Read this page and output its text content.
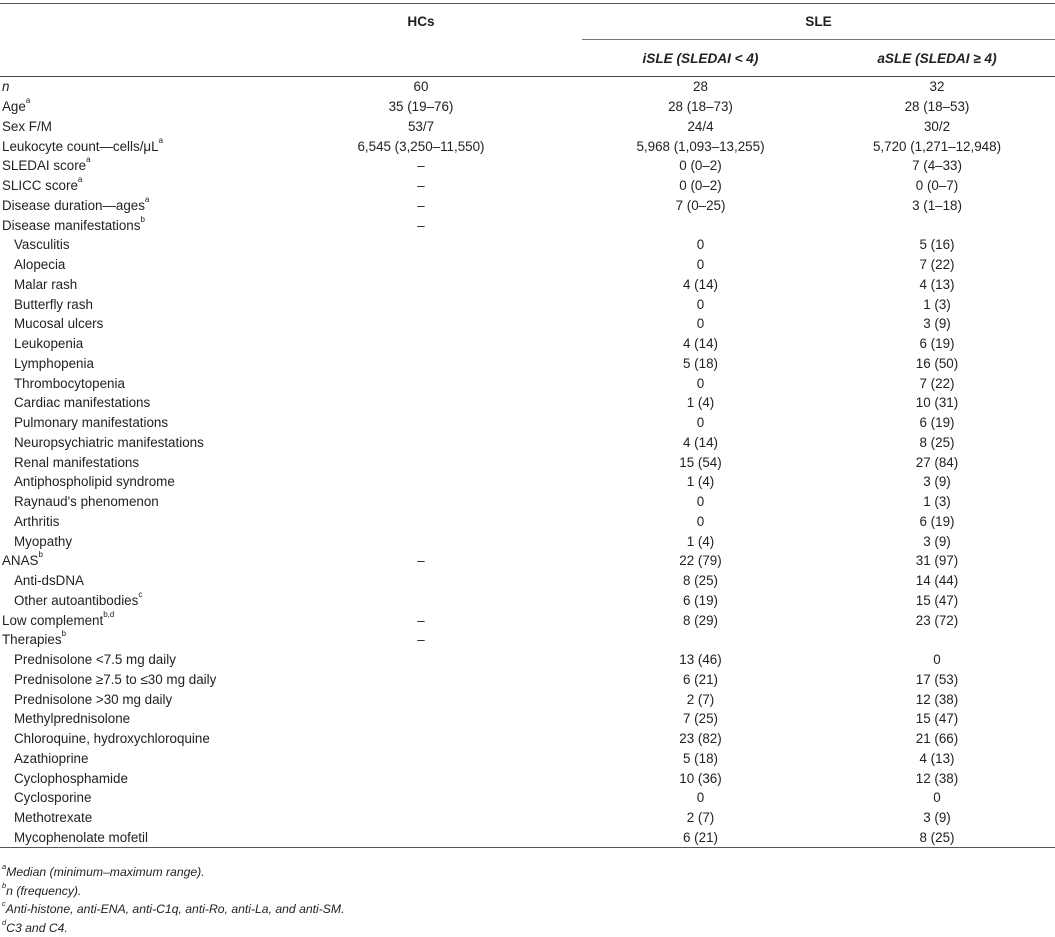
	HCs	SLE	
		iSLE (SLEDAI < 4)	aSLE (SLEDAI ≥ 4)
n	60	28	32
Age$^a$	35 (19–76)	28 (18–73)	28 (18–53)
Sex F/M	53/7	24/4	30/2
Leukocyte $count—cells/\mu L^a$	6,545 (3,250–11,550)	5,968 (1,093–13,255)	5,720 (1,271–12,948)
SLEDAI score$^a$	–	0 (0–2)	7 (4–33)
SLICC score$^a$	–	0 (0–2)	0 (0–7)
Disease duration—ages$^a$	–	7 (0–25)	3 (1–18)
Disease manifestations$^b$	–		
Vasculitis		0	5 (16)
Alopecia		0	7 (22)
Malar rash		4 (14)	4 (13)
Butterfly rash		0	1 (3)
Mucosal ulcers		0	3 (9)
Leukopenia		4 (14)	6 (19)
Lymphopenia		5 (18)	16 (50)
Thrombocytopenia		0	7 (22)
Cardiac manifestations		1 (4)	10 (31)
Pulmonary manifestations		0	6 (19)
Neuropsychiatric manifestations		4 (14)	8 (25)
Renal manifestations		15 (54)	27 (84)
Antiphospholipid syndrome		1 (4)	3 (9)
Raynaud's phenomenon		0	1 (3)
Arthritis		0	6 (19)
Myopathy		1 (4)	3 (9)
ANAS$^b$	–	22 (79)	31 (97)
Anti-dsDNA		8 (25)	14 (44)
Other autoantibodies$^c$		6 (19)	15 (47)
Low complement$^{b,d}$	–	8 (29)	23 (72)
Therapies$^b$	–		
Prednisolone <7.5 mg daily		13 (46)	0
Prednisolone ≥7.5 to ≤30 mg daily		6 (21)	17 (53)
Prednisolone >30 mg daily		2 (7)	12 (38)
Methylprednisolone		7 (25)	15 (47)
Chloroquine, hydroxychloroquine		23 (82)	21 (66)
Azathioprine		5 (18)	4 (13)
Cyclophosphamide		10 (36)	12 (38)
Cyclosporine		0	0
Methotrexate		2 (7)	3 (9)
Mycophenolate mofetil		6 (21)	8 (25)
$^a$Median (minimum–maximum range).
$^b$n (frequency).
$^c$Anti-histone, anti-ENA, anti-C1q, anti-Ro, anti-La, and anti-SM.
$^d$C3 and C4.
